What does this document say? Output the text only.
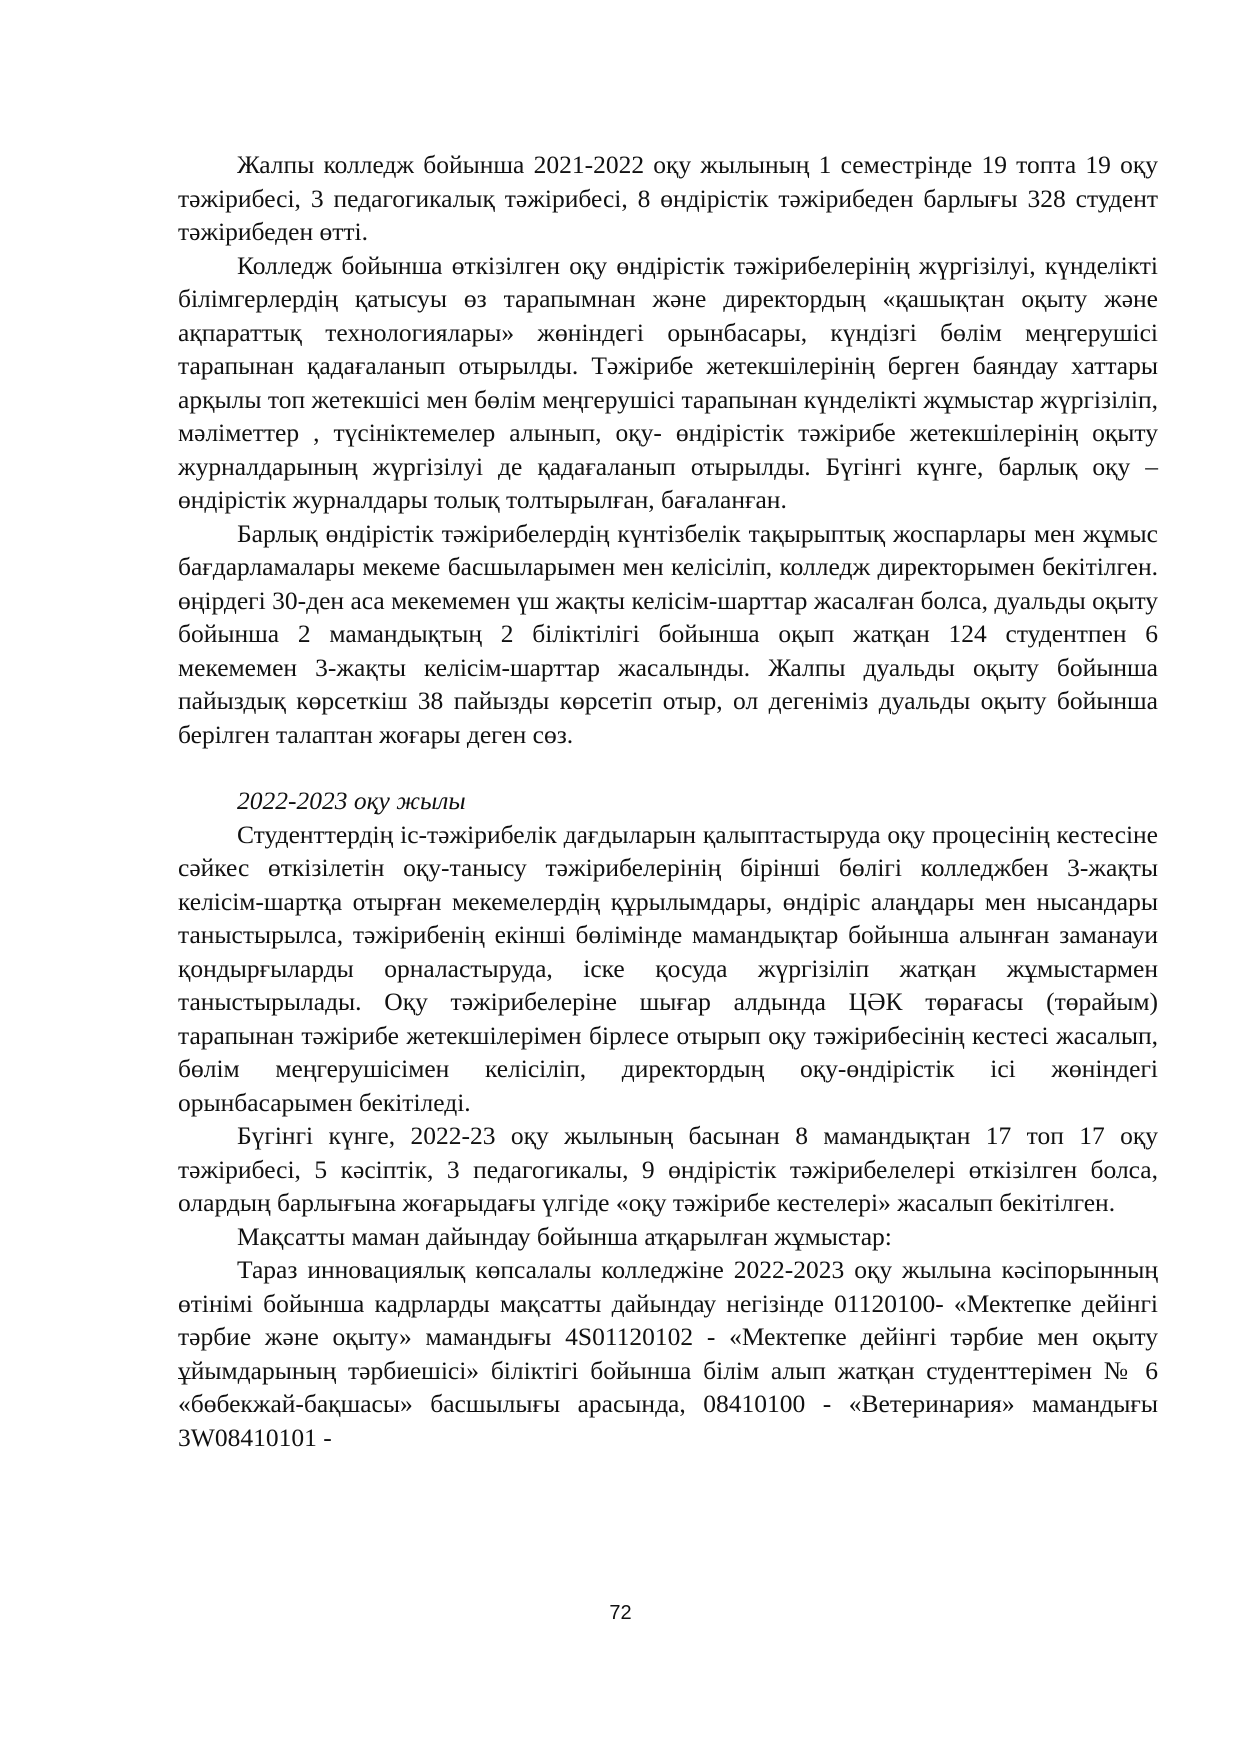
Жалпы колледж бойынша 2021-2022 оқу жылының 1 семестрінде 19 топта 19 оқу тәжірибесі, 3 педагогикалық тәжірибесі, 8 өндірістік тәжірибеден барлығы 328 студент тәжірибеден өтті.

Колледж бойынша өткізілген оқу өндірістік тәжірибелерінің жүргізілуі, күнделікті білімгерлердің қатысуы өз тарапымнан және директордың «қашықтан оқыту және ақпараттық технологиялары» жөніндегі орынбасары, күндізгі бөлім меңгерушісі тарапынан қадағаланып отырылды. Тәжірибе жетекшілерінің берген баяндау хаттары арқылы топ жетекшісі мен бөлім меңгерушісі тарапынан күнделікті жұмыстар жүргізіліп, мәліметтер , түсініктемелер алынып, оқу- өндірістік тәжірибе жетекшілерінің оқыту журналдарының жүргізілуі де қадағаланып отырылды. Бүгінгі күнге, барлық оқу –өндірістік журналдары толық толтырылған, бағаланған.

Барлық өндірістік тәжірибелердің күнтізбелік тақырыптық жоспарлары мен жұмыс бағдарламалары мекеме басшыларымен мен келісіліп, колледж директорымен бекітілген. өңірдегі 30-ден аса мекемемен үш жақты келісім-шарттар жасалған болса, дуальды оқыту бойынша 2 мамандықтың 2 біліктілігі бойынша оқып жатқан 124 студентпен 6 мекемемен 3-жақты келісім-шарттар жасалынды. Жалпы дуальды оқыту бойынша пайыздық көрсеткіш 38 пайызды көрсетіп отыр, ол дегеніміз дуальды оқыту бойынша берілген талаптан жоғары деген сөз.

2022-2023 оқу жылы

Студенттердің іс-тәжірибелік дағдыларын қалыптастыруда оқу процесінің кестесіне сәйкес өткізілетін оқу-танысу тәжірибелерінің бірінші бөлігі колледжбен 3-жақты келісім-шартқа отырған мекемелердің құрылымдары, өндіріс алаңдары мен нысандары таныстырылса, тәжірибенің екінші бөлімінде мамандықтар бойынша алынған заманауи қондырғыларды орналастыруда, іске қосуда жүргізіліп жатқан жұмыстармен таныстырылады. Оқу тәжірибелеріне шығар алдында ЦӘК төрағасы (төрайым) тарапынан тәжірибе жетекшілерімен бірлесе отырып оқу тәжірибесінің кестесі жасалып, бөлім меңгерушісімен келісіліп, директордың оқу-өндірістік ісі жөніндегі орынбасарымен бекітіледі.

Бүгінгі күнге, 2022-23 оқу жылының басынан 8 мамандықтан 17 топ 17 оқу тәжірибесі, 5 кәсіптік, 3 педагогикалы, 9 өндірістік тәжірибелелері өткізілген болса, олардың барлығына жоғарыдағы үлгіде «оқу тәжірибе кестелері» жасалып бекітілген.

Мақсатты маман дайындау бойынша атқарылған жұмыстар:

Тараз инновациялық көпсалалы колледжіне 2022-2023 оқу жылына кәсіпорынның өтінімі бойынша кадрларды мақсатты дайындау негізінде 01120100- «Мектепке дейінгі тәрбие және оқыту» мамандығы 4S01120102 - «Мектепке дейінгі тәрбие мен оқыту ұйымдарының тәрбиешісі» біліктігі бойынша білім алып жатқан студенттерімен № 6 «бөбекжай-бақшасы» басшылығы арасында, 08410100 - «Ветеринария» мамандығы 3W08410101 -

72
